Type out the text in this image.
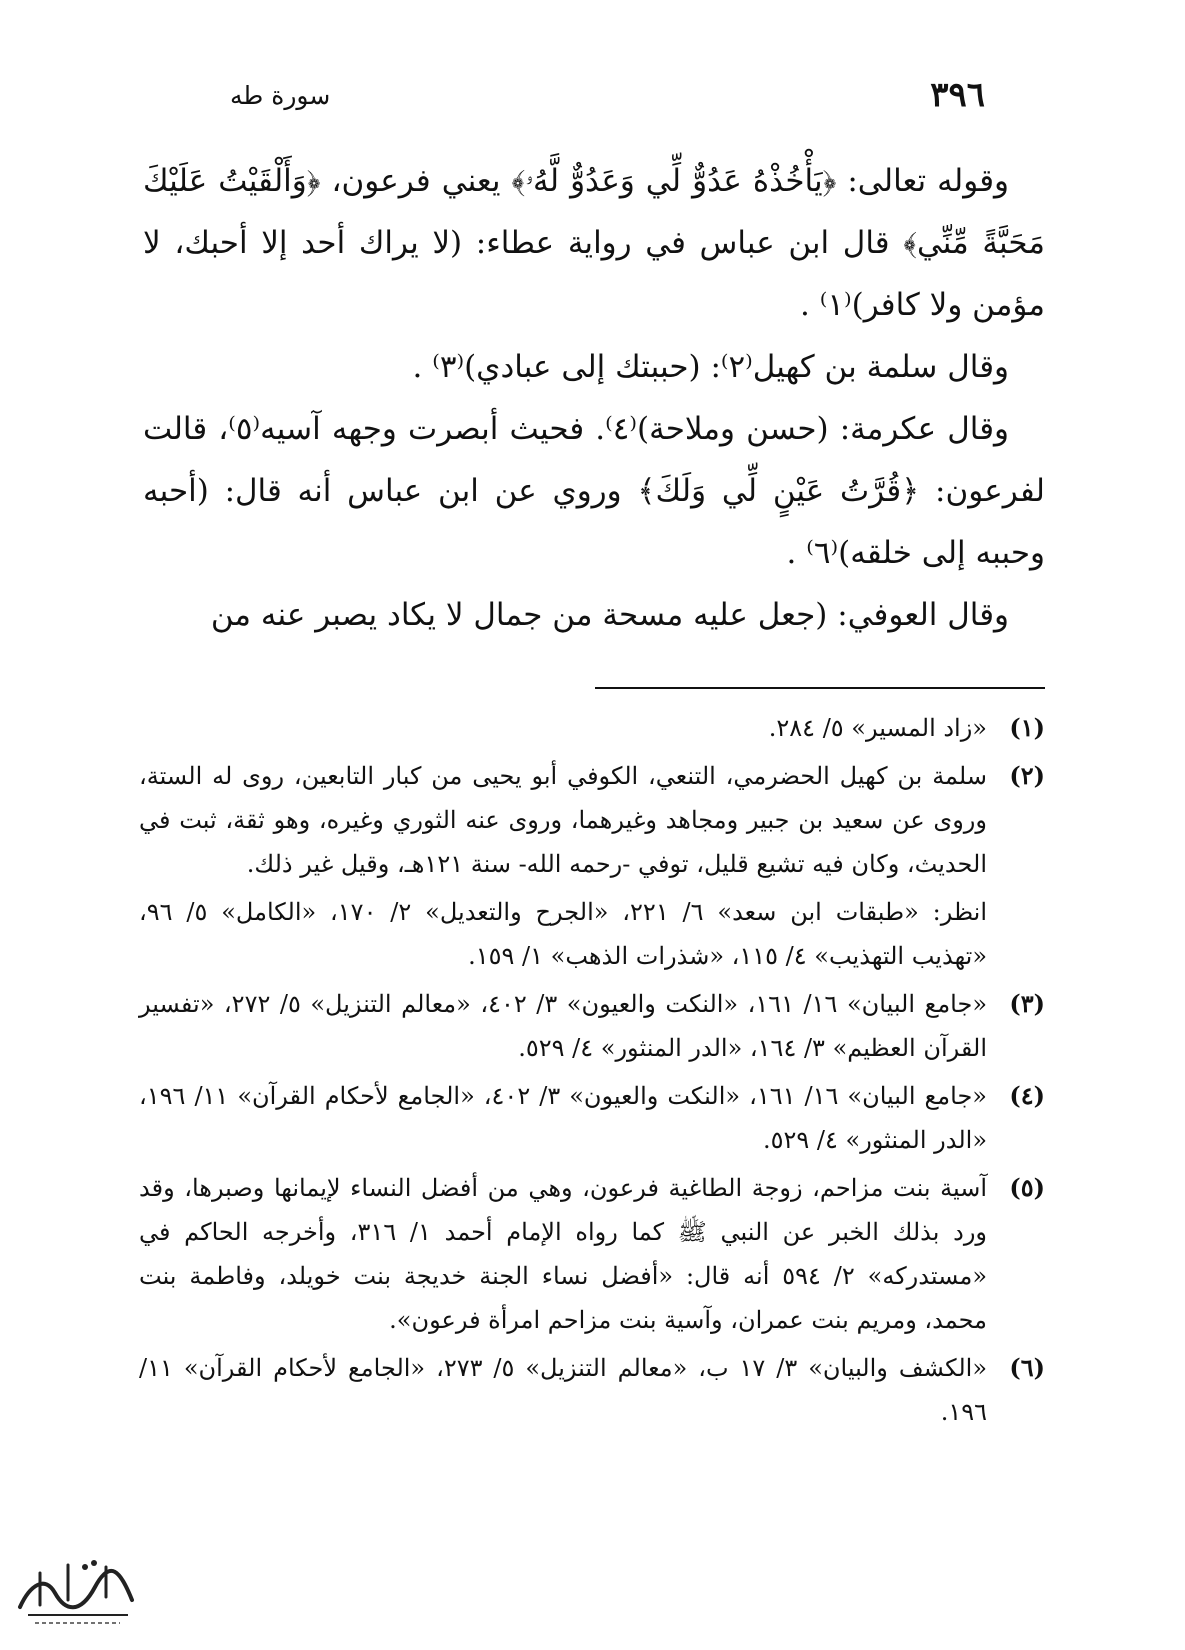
٣٩٦
سورة طه

وقوله تعالى: ﴿يَأْخُذْهُ عَدُوٌّ لِّي وَعَدُوٌّ لَّهُۥ﴾ يعني فرعون، ﴿وَأَلْقَيْتُ عَلَيْكَ مَحَبَّةً مِّنِّي﴾ قال ابن عباس في رواية عطاء: (لا يراك أحد إلا أحبك، لا مؤمن ولا كافر)⁽١⁾ .

وقال سلمة بن كهيل⁽٢⁾: (حببتك إلى عبادي)⁽٣⁾ .

وقال عكرمة: (حسن وملاحة)⁽٤⁾. فحيث أبصرت وجهه آسيه⁽٥⁾، قالت لفرعون: ﴿قُرَّتُ عَيْنٍ لِّي وَلَكَ﴾ وروي عن ابن عباس أنه قال: (أحبه وحببه إلى خلقه)⁽٦⁾ .

وقال العوفي: (جعل عليه مسحة من جمال لا يكاد يصبر عنه من

(١)

«زاد المسير» ٥/ ٢٨٤.

(٢)

سلمة بن كهيل الحضرمي، التنعي، الكوفي أبو يحيى من كبار التابعين، روى له الستة، وروى عن سعيد بن جبير ومجاهد وغيرهما، وروى عنه الثوري وغيره، وهو ثقة، ثبت في الحديث، وكان فيه تشيع قليل، توفي -رحمه الله- سنة ١٢١هـ، وقيل غير ذلك.

انظر: «طبقات ابن سعد» ٦/ ٢٢١، «الجرح والتعديل» ٢/ ١٧٠، «الكامل» ٥/ ٩٦، «تهذيب التهذيب» ٤/ ١١٥، «شذرات الذهب» ١/ ١٥٩.

(٣)

«جامع البيان» ١٦/ ١٦١، «النكت والعيون» ٣/ ٤٠٢، «معالم التنزيل» ٥/ ٢٧٢، «تفسير القرآن العظيم» ٣/ ١٦٤، «الدر المنثور» ٤/ ٥٢٩.

(٤)

«جامع البيان» ١٦/ ١٦١، «النكت والعيون» ٣/ ٤٠٢، «الجامع لأحكام القرآن» ١١/ ١٩٦، «الدر المنثور» ٤/ ٥٢٩.

(٥)

آسية بنت مزاحم، زوجة الطاغية فرعون، وهي من أفضل النساء لإيمانها وصبرها، وقد ورد بذلك الخبر عن النبي ﷺ كما رواه الإمام أحمد ١/ ٣١٦، وأخرجه الحاكم في «مستدركه» ٢/ ٥٩٤ أنه قال: «أفضل نساء الجنة خديجة بنت خويلد، وفاطمة بنت محمد، ومريم بنت عمران، وآسية بنت مزاحم امرأة فرعون».

(٦)

«الكشف والبيان» ٣/ ١٧ ب، «معالم التنزيل» ٥/ ٢٧٣، «الجامع لأحكام القرآن» ١١/ ١٩٦.
